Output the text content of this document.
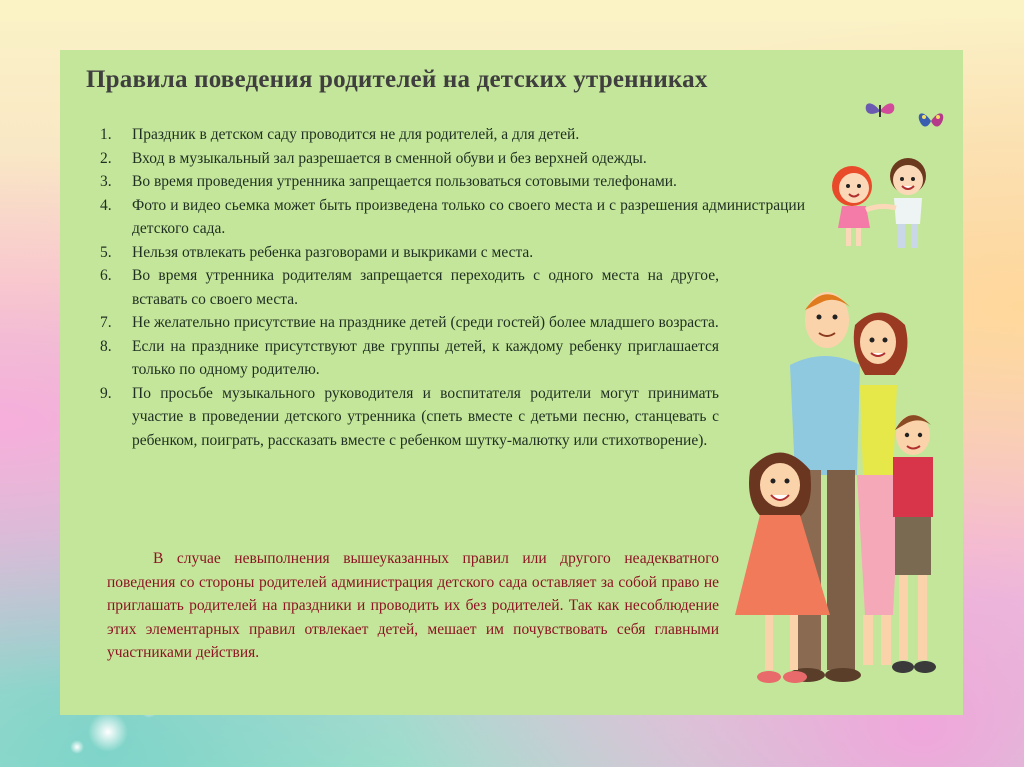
Правила поведения родителей на детских утренниках
1. Праздник в детском саду проводится не для родителей, а для детей.
2. Вход в музыкальный зал разрешается в сменной обуви и без верхней одежды.
3. Во время проведения утренника запрещается пользоваться сотовыми телефонами.
4. Фото и видео сьемка может быть произведена только со своего места и с разрешения администрации детского сада.
5. Нельзя отвлекать ребенка разговорами и выкриками с места.
6. Во время утренника родителям запрещается переходить с одного места на другое, вставать со своего места.
7. Не желательно присутствие на празднике детей (среди гостей) более младшего возраста.
8. Если на празднике присутствуют две группы детей, к каждому ребенку приглашается только по одному родителю.
9. По просьбе музыкального руководителя и воспитателя родители могут принимать участие в проведении детского утренника (спеть вместе с детьми песню, станцевать с ребенком, поиграть, рассказать вместе с ребенком шутку-малютку или стихотворение).

В случае невыполнения вышеуказанных правил или другого неадекватного поведения со стороны родителей администрация детского сада оставляет за собой право не приглашать родителей на праздники и проводить их без родителей. Так как несоблюдение этих элементарных правил отвлекает детей, мешает им почувствовать себя главными участниками действия.
